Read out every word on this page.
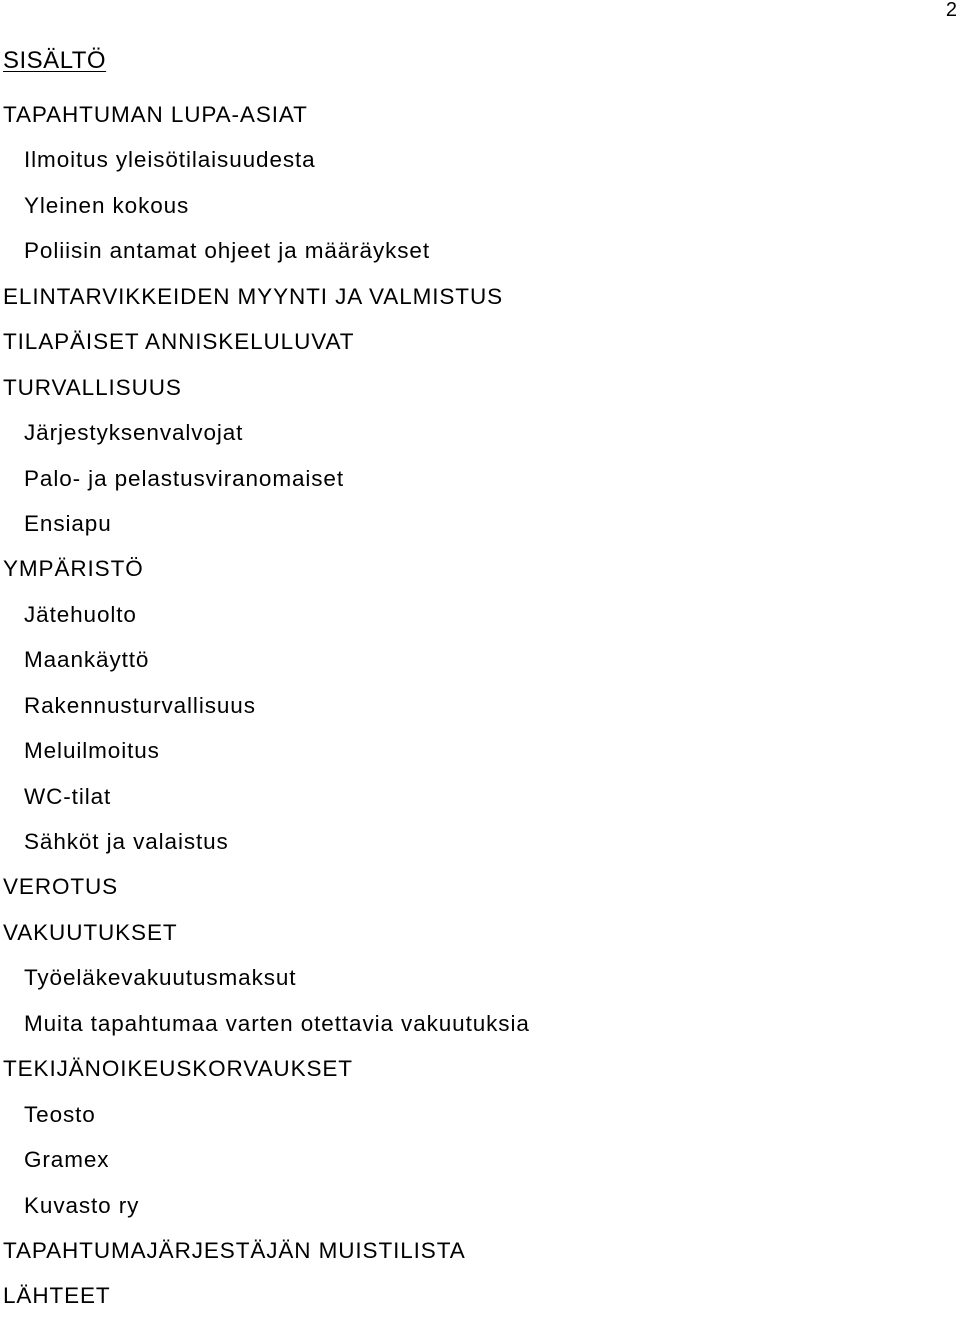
2
SISÄLTÖ
TAPAHTUMAN LUPA-ASIAT
Ilmoitus yleisötilaisuudesta
Yleinen kokous
Poliisin antamat ohjeet ja määräykset
ELINTARVIKKEIDEN MYYNTI JA VALMISTUS
TILAPÄISET ANNISKELULUVAT
TURVALLISUUS
Järjestyksenvalvojat
Palo- ja pelastusviranomaiset
Ensiapu
YMPÄRISTÖ
Jätehuolto
Maankäyttö
Rakennusturvallisuus
Meluilmoitus
WC-tilat
Sähköt ja valaistus
VEROTUS
VAKUUTUKSET
Työeläkevakuutusmaksut
Muita tapahtumaa varten otettavia vakuutuksia
TEKIJÄNOIKEUSKORVAUKSET
Teosto
Gramex
Kuvasto ry
TAPAHTUMAJÄRJESTÄJÄN MUISTILISTA
LÄHTEET
